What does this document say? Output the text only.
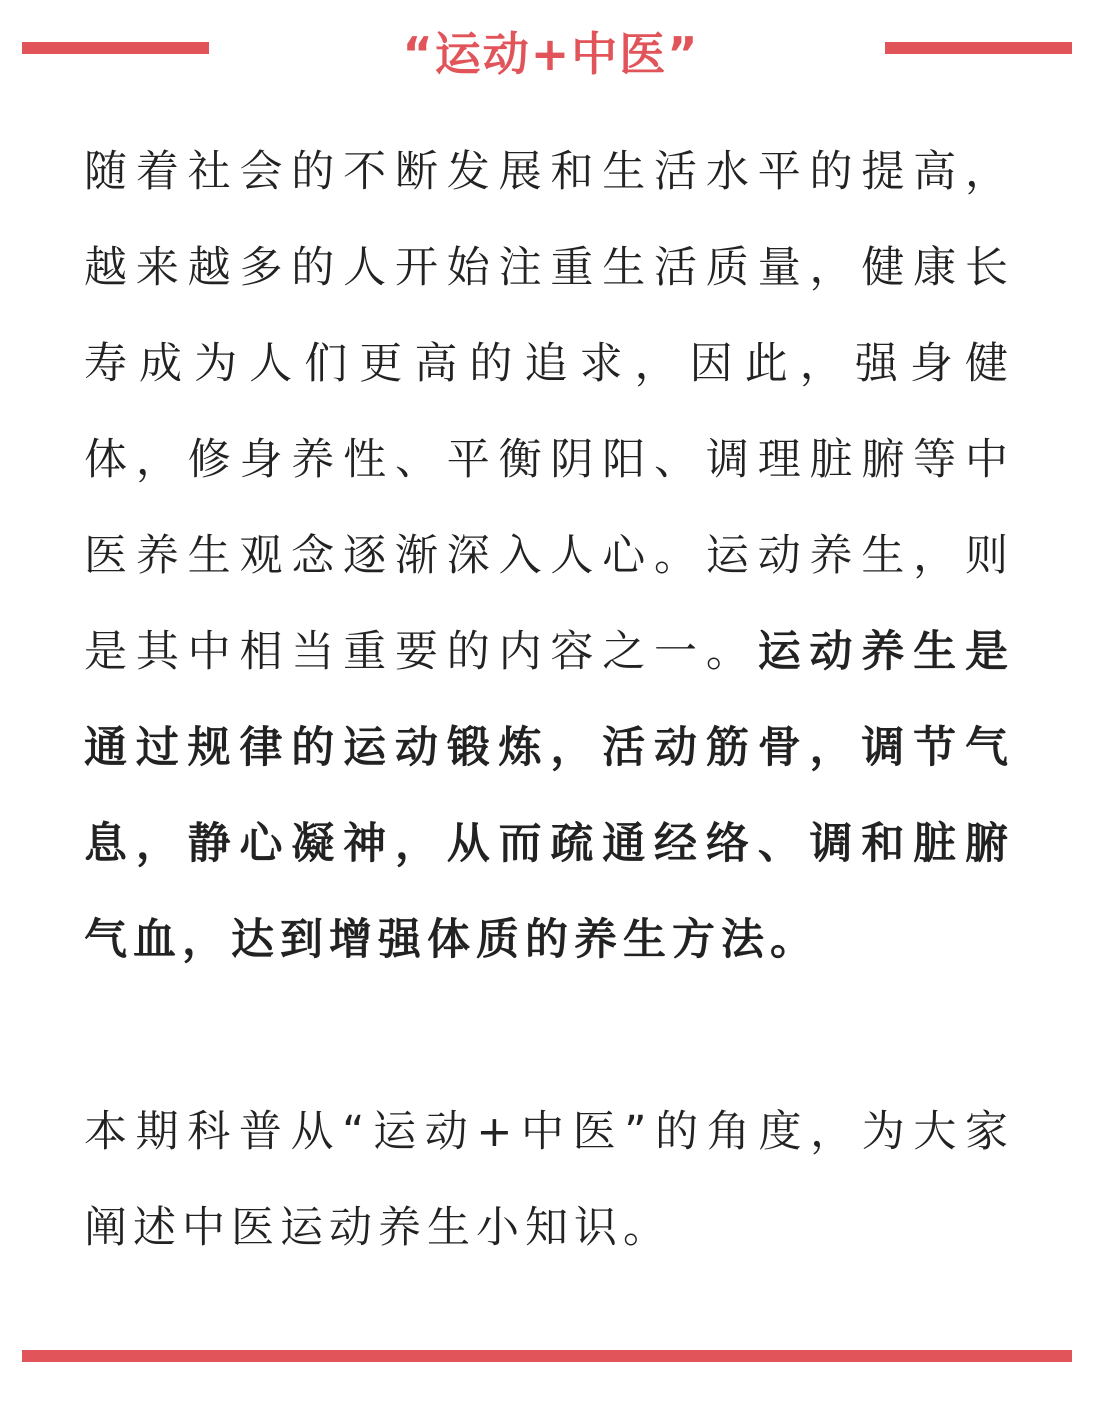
“运动+中医”

随着社会的不断发展和生活水平的提高，越来越多的人开始注重生活质量，健康长寿成为人们更高的追求，因此，强身健体，修身养性、平衡阴阳、调理脏腑等中医养生观念逐渐深入人心。运动养生，则是其中相当重要的内容之一。运动养生是通过规律的运动锻炼，活动筋骨，调节气息，静心凝神，从而疏通经络、调和脏腑气血，达到增强体质的养生方法。

本期科普从“运动+中医”的角度，为大家阐述中医运动养生小知识。
